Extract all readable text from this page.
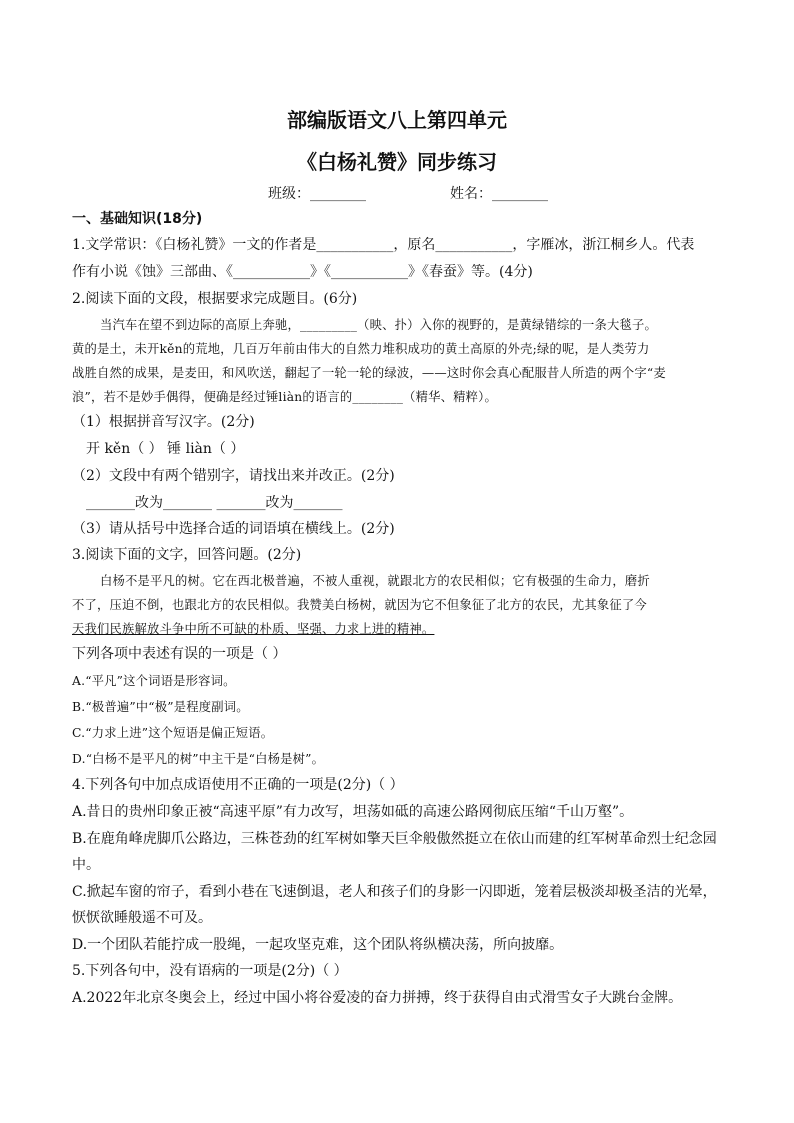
部编版语文八上第四单元
《白杨礼赞》同步练习
班级：________	姓名：________
一、基础知识(18分)
1.文学常识：《白杨礼赞》一文的作者是___________，原名___________，字雁冰，浙江桐乡人。代表
作有小说《蚀》三部曲、《___________》《___________》《春蚕》等。(4分)
2.阅读下面的文段，根据要求完成题目。(6分)
当汽车在望不到边际的高原上奔驰，_________（映、扑）入你的视野的，是黄绿错综的一条大毯子。
黄的是土，未开kěn的荒地，几百万年前由伟大的自然力堆积成功的黄土高原的外壳;绿的呢，是人类劳力
战胜自然的成果，是麦田，和风吹送，翻起了一轮一轮的绿波，——这时你会真心配服昔人所造的两个字“麦
浪”，若不是妙手偶得，便确是经过锤liàn的语言的________（精华、精粹）。
（1）根据拼音写汉字。(2分)
开 kěn（ ） 锤 liàn（ ）
（2）文段中有两个错别字，请找出来并改正。(2分)
_______改为_______ _______改为_______
（3）请从括号中选择合适的词语填在横线上。(2分)
3.阅读下面的文字，回答问题。(2分)
白杨不是平凡的树。它在西北极普遍，不被人重视，就跟北方的农民相似；它有极强的生命力，磨折
不了，压迫不倒，也跟北方的农民相似。我赞美白杨树，就因为它不但象征了北方的农民，尤其象征了今
天我们民族解放斗争中所不可缺的朴质、坚强、力求上进的精神。
下列各项中表述有误的一项是（ ）
A.“平凡”这个词语是形容词。
B.“极普遍”中“极”是程度副词。
C.“力求上进”这个短语是偏正短语。
D.“白杨不是平凡的树”中主干是“白杨是树”。
4.下列各句中加点成语使用不正确的一项是(2分)（ ）
A.昔日的贵州印象正被“高速平原”有力改写，坦荡如砥的高速公路网彻底压缩“千山万壑”。
B.在鹿角峰虎脚爪公路边，三株苍劲的红军树如擎天巨伞般傲然挺立在依山而建的红军树革命烈士纪念园
中。
C.掀起车窗的帘子，看到小巷在飞速倒退，老人和孩子们的身影一闪即逝，笼着层极淡却极圣洁的光晕，
恹恹欲睡般遥不可及。
D.一个团队若能拧成一股绳，一起攻坚克难，这个团队将纵横决荡，所向披靡。
5.下列各句中，没有语病的一项是(2分)（ ）
A.2022年北京冬奥会上，经过中国小将谷爱凌的奋力拼搏，终于获得自由式滑雪女子大跳台金牌。
